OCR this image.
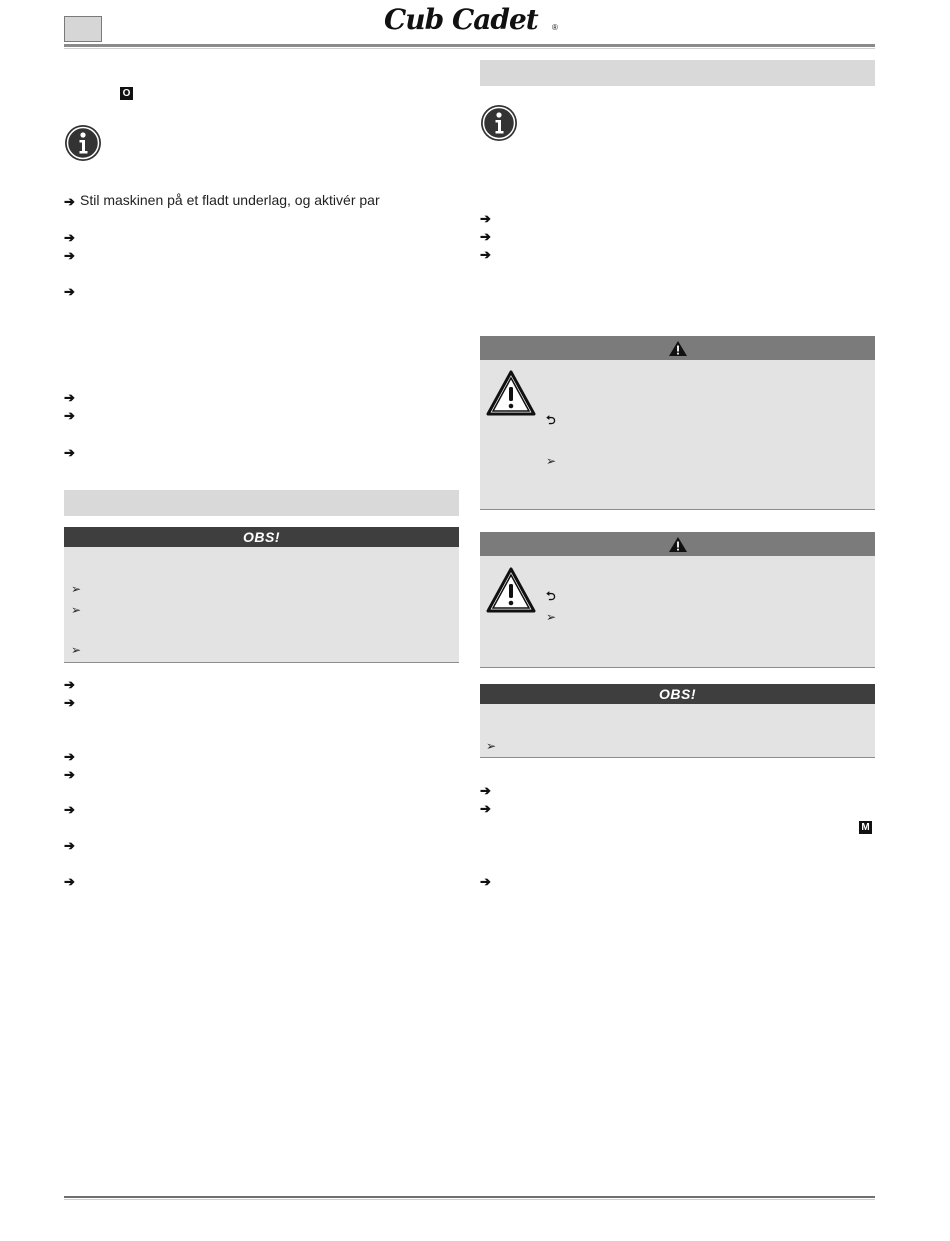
Cub Cadet ®
O
➔ Stil maskinen på et fladt underlag, og aktivér par
➔
➔
➔
➔
➔
➔
OBS!
➢
➢
➢
➔
➔
➔
➔
➔
➔
➔
➔
➔
➔
⮌
➢
⮌
➢
OBS!
➢
➔
➔
M
➔
